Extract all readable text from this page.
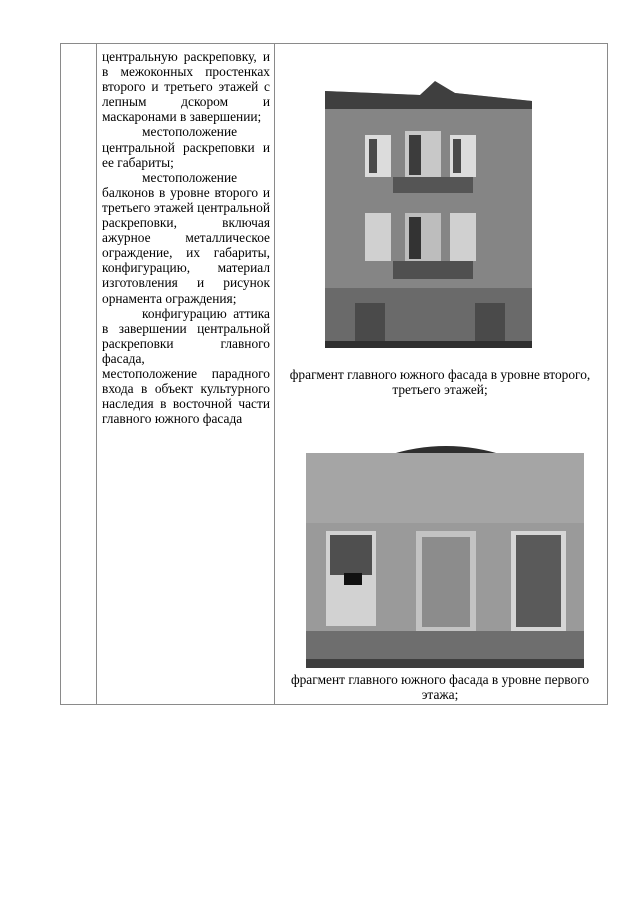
центральную раскрепoвку, и в межоконных простенках второго и третьего этажей с лепным дскором и маскаронами в завершении;

местоположение центральной раскреповки и ее габариты;

местоположение балконов в уровне второго и третьего этажей центральной раскреповки, включая ажурное металлическое ограждение, их габариты, конфигурацию, материал изготовления и рисунок орнамента ограждения;

конфигурацию аттика в завершении центральной раскреповки главного фасада,

местоположение парадного входа в объект культурного наследия в восточной части главного южного фасада

фрагмент главного южного фасада в уровне второго, третьего этажей;
фрагмент главного южного фасада в уровне первого этажа;
